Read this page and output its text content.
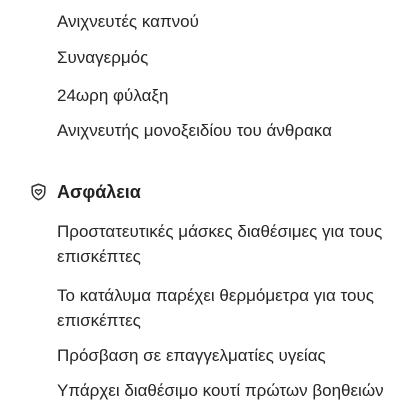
Ανιχνευτές καπνού
Συναγερμός
24ωρη φύλαξη
Ανιχνευτής μονοξειδίου του άνθρακα
Ασφάλεια
Προστατευτικές μάσκες διαθέσιμες για τους επισκέπτες
Το κατάλυμα παρέχει θερμόμετρα για τους επισκέπτες
Πρόσβαση σε επαγγελματίες υγείας
Υπάρχει διαθέσιμο κουτί πρώτων βοηθειών
